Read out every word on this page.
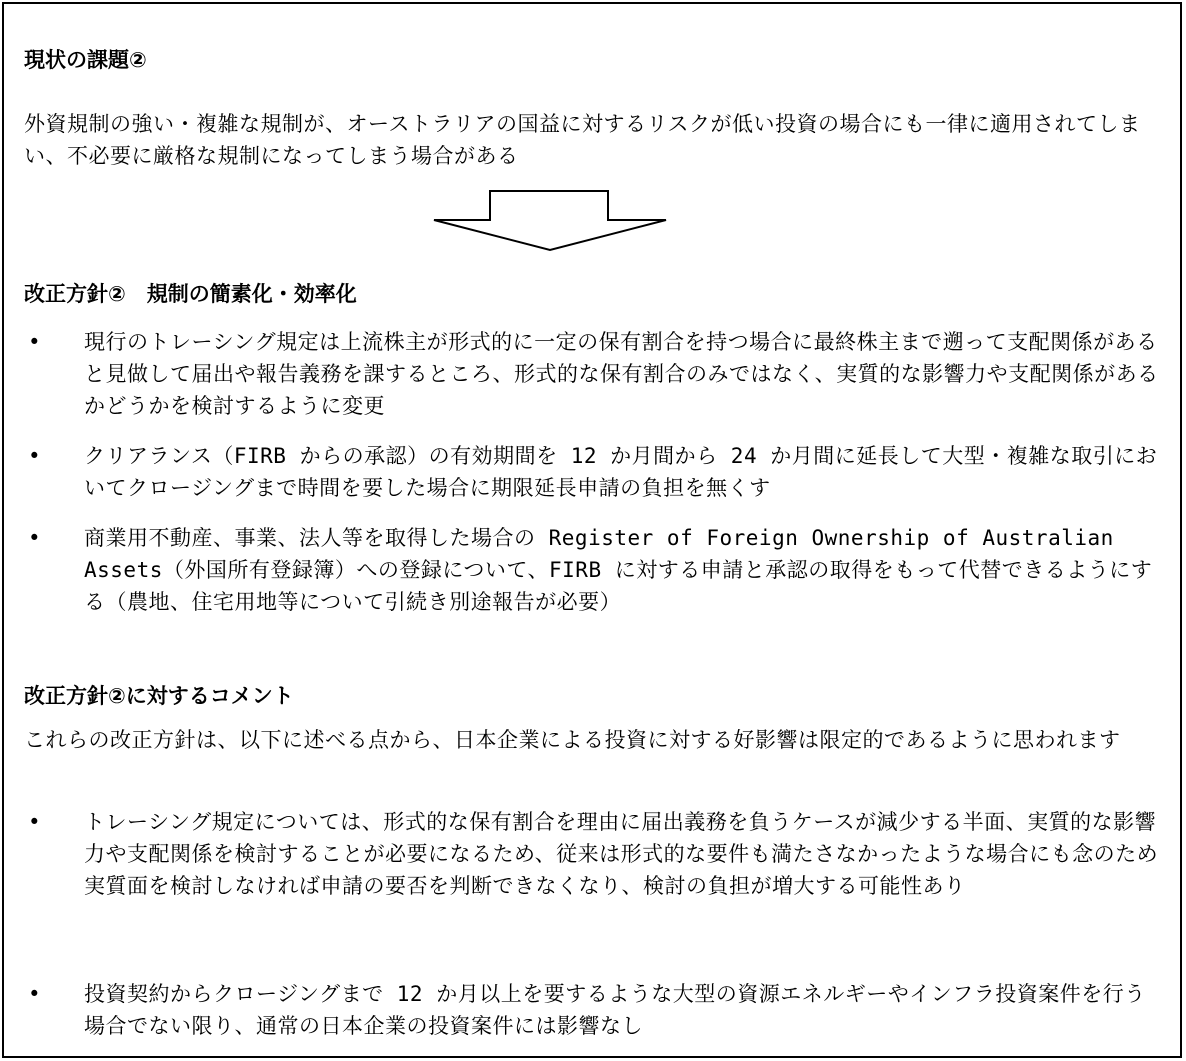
現状の課題②
外資規制の強い・複雑な規制が、オーストラリアの国益に対するリスクが低い投資の場合にも一律に適用されてしまい、不必要に厳格な規制になってしまう場合がある
改正方針②　規制の簡素化・効率化
•	現行のトレーシング規定は上流株主が形式的に一定の保有割合を持つ場合に最終株主まで遡って支配関係があると見做して届出や報告義務を課するところ、形式的な保有割合のみではなく、実質的な影響力や支配関係があるかどうかを検討するように変更
•	クリアランス（FIRB からの承認）の有効期間を 12 か月間から 24 か月間に延長して大型・複雑な取引においてクロージングまで時間を要した場合に期限延長申請の負担を無くす
•	商業用不動産、事業、法人等を取得した場合の Register of Foreign Ownership of Australian Assets（外国所有登録簿）への登録について、FIRB に対する申請と承認の取得をもって代替できるようにする（農地、住宅用地等について引続き別途報告が必要）
改正方針②に対するコメント
これらの改正方針は、以下に述べる点から、日本企業による投資に対する好影響は限定的であるように思われます
•	トレーシング規定については、形式的な保有割合を理由に届出義務を負うケースが減少する半面、実質的な影響力や支配関係を検討することが必要になるため、従来は形式的な要件も満たさなかったような場合にも念のため実質面を検討しなければ申請の要否を判断できなくなり、検討の負担が増大する可能性あり
•	投資契約からクロージングまで 12 か月以上を要するような大型の資源エネルギーやインフラ投資案件を行う場合でない限り、通常の日本企業の投資案件には影響なし
